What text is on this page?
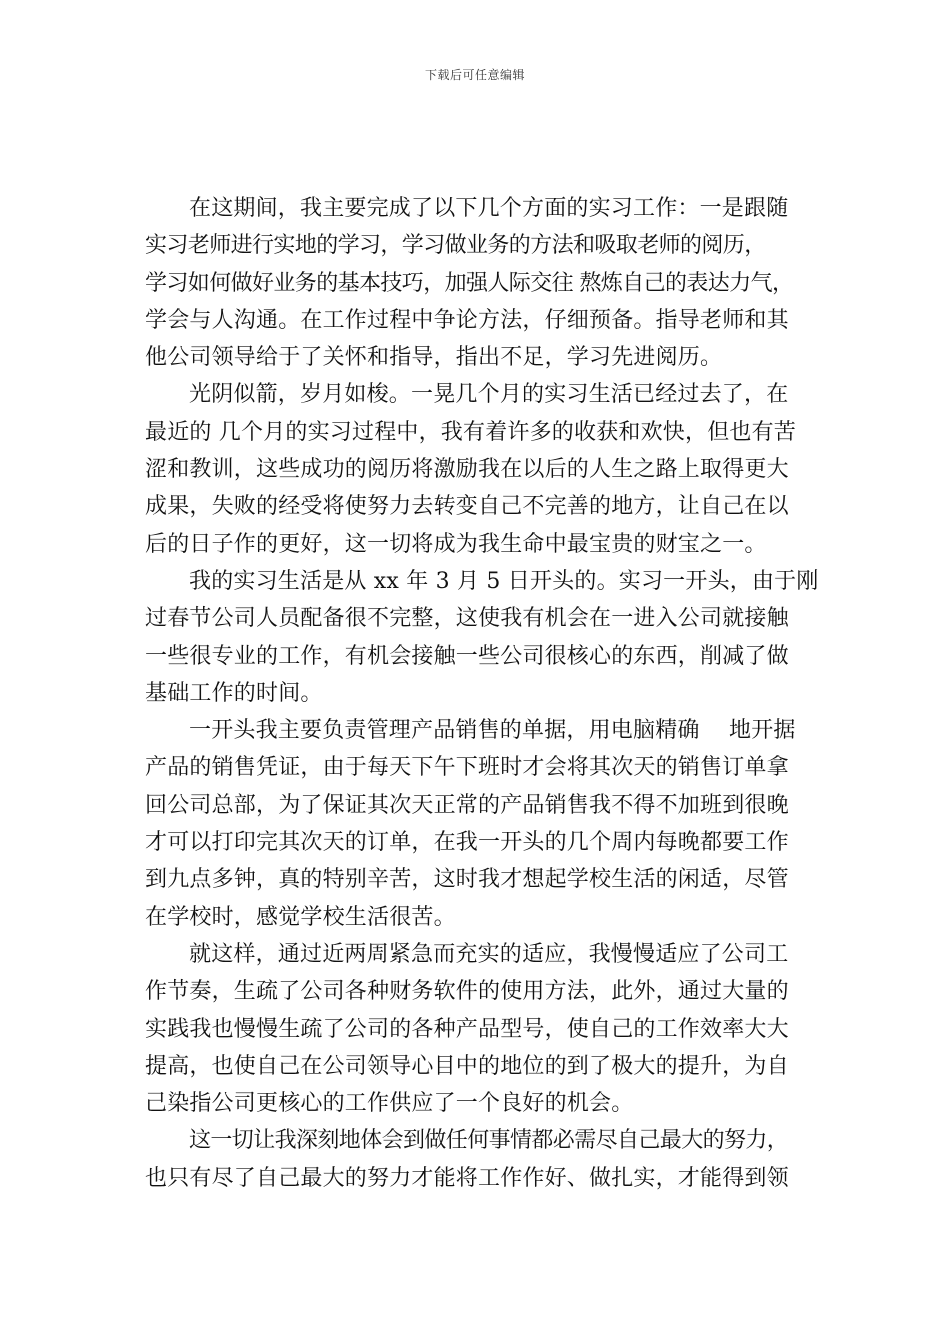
下载后可任意编辑
在这期间，我主要完成了以下几个方面的实习工作：一是跟随
实习老师进行实地的学习，学习做业务的方法和吸取老师的阅历，
学习如何做好业务的基本技巧，加强人际交往 熬炼自己的表达力气，
学会与人沟通。在工作过程中争论方法，仔细预备。指导老师和其
他公司领导给于了关怀和指导，指出不足，学习先进阅历。
光阴似箭，岁月如梭。一晃几个月的实习生活已经过去了，在
最近的 几个月的实习过程中，我有着许多的收获和欢快，但也有苦
涩和教训，这些成功的阅历将激励我在以后的人生之路上取得更大
成果，失败的经受将使努力去转变自己不完善的地方，让自己在以
后的日子作的更好，这一切将成为我生命中最宝贵的财宝之一。
我的实习生活是从 xx 年 3 月 5 日开头的。实习一开头，由于刚
过春节公司人员配备很不完整，这使我有机会在一进入公司就接触
一些很专业的工作，有机会接触一些公司很核心的东西，削减了做
基础工作的时间。
一开头我主要负责管理产品销售的单据，用电脑精确　 地开据
产品的销售凭证，由于每天下午下班时才会将其次天的销售订单拿
回公司总部，为了保证其次天正常的产品销售我不得不加班到很晚
才可以打印完其次天的订单，在我一开头的几个周内每晚都要工作
到九点多钟，真的特别辛苦，这时我才想起学校生活的闲适，尽管
在学校时，感觉学校生活很苦。
就这样，通过近两周紧急而充实的适应，我慢慢适应了公司工
作节奏，生疏了公司各种财务软件的使用方法，此外，通过大量的
实践我也慢慢生疏了公司的各种产品型号，使自己的工作效率大大
提高，也使自己在公司领导心目中的地位的到了极大的提升，为自
己染指公司更核心的工作供应了一个良好的机会。
这一切让我深刻地体会到做任何事情都必需尽自己最大的努力，
也只有尽了自己最大的努力才能将工作作好、做扎实，才能得到领
